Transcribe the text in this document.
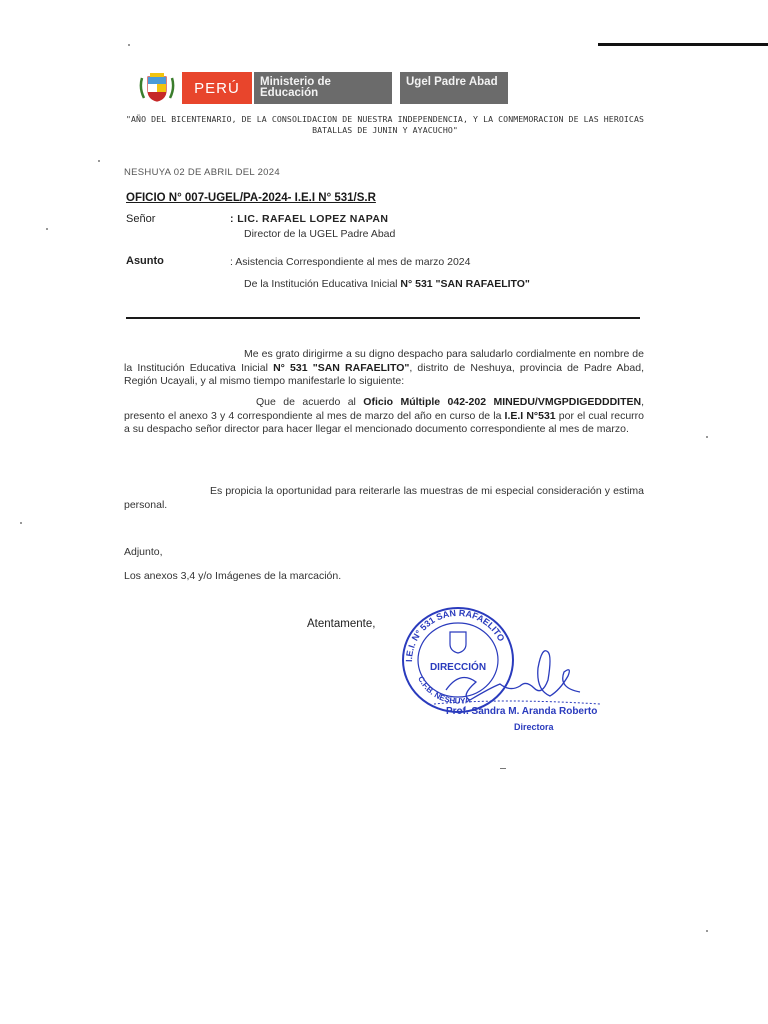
PERÚ	Ministerio de Educación
Ugel Padre Abad
"AÑO DEL BICENTENARIO, DE LA CONSOLIDACION DE NUESTRA INDEPENDENCIA, Y LA CONMEMORACION DE LAS HEROICAS BATALLAS DE JUNIN Y AYACUCHO"
NESHUYA 02 DE ABRIL DEL 2024
OFICIO N° 007-UGEL/PA-2024- I.E.I N° 531/S.R
Señor	: LIC. RAFAEL LOPEZ NAPAN
Director de la UGEL Padre Abad
Asunto	: Asistencia Correspondiente al mes de marzo 2024
De la Institución Educativa Inicial N° 531 "SAN RAFAELITO"
Me es grato dirigirme a su digno despacho para saludarlo cordialmente en nombre de la Institución Educativa Inicial N° 531 "SAN RAFAELITO", distrito de Neshuya, provincia de Padre Abad, Región Ucayali, y al mismo tiempo manifestarle lo siguiente:
Que de acuerdo al Oficio Múltiple 042-202 MINEDU/VMGPDIGEDDDITEN, presento el anexo 3 y 4 correspondiente al mes de marzo del año en curso de la I.E.I N°531 por el cual recurro a su despacho señor director para hacer llegar el mencionado documento correspondiente al mes de marzo.
Es propicia la oportunidad para reiterarle las muestras de mi especial consideración y estima personal.
Adjunto,
Los anexos 3,4 y/o Imágenes de la marcación.
Atentamente,
I.E.I. N° 531 SAN RAFAELITO
C.F.B. NESHUYA
DIRECCIÓN
Prof. Sandra M. Aranda Roberto
Directora
